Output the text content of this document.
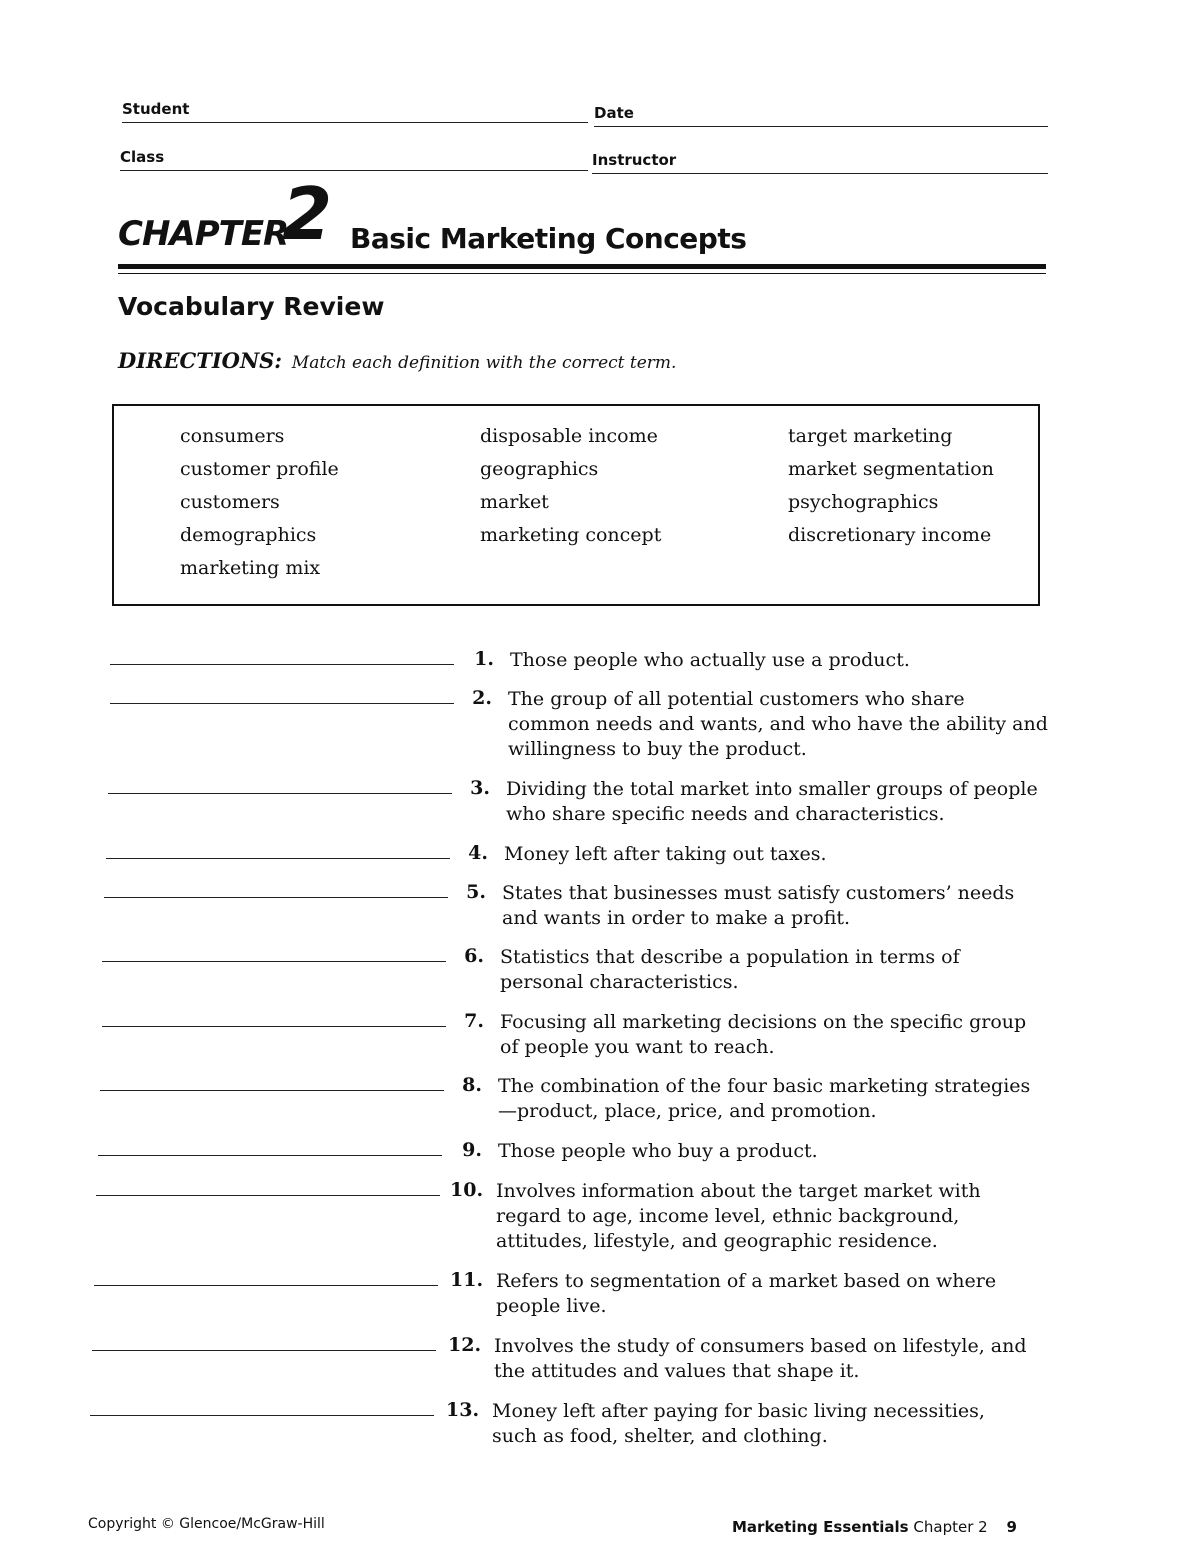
Student	Date
Class	Instructor
CHAPTER
2 Basic Marketing Concepts
Vocabulary Review
DIRECTIONS: Match each definition with the correct term.
consumers
customer profile
customers
demographics
marketing mix
disposable income
geographics
market
marketing concept
target marketing
market segmentation
psychographics
discretionary income
1. Those people who actually use a product.
2. The group of all potential customers who share common needs and wants, and who have the ability and willingness to buy the product.
3. Dividing the total market into smaller groups of people who share specific needs and characteristics.
4. Money left after taking out taxes.
5. States that businesses must satisfy customers’ needs and wants in order to make a profit.
6. Statistics that describe a population in terms of personal characteristics.
7. Focusing all marketing decisions on the specific group of people you want to reach.
8. The combination of the four basic marketing strategies—product, place, price, and promotion.
9. Those people who buy a product.
10. Involves information about the target market with regard to age, income level, ethnic background, attitudes, lifestyle, and geographic residence.
11. Refers to segmentation of a market based on where people live.
12. Involves the study of consumers based on lifestyle, and the attitudes and values that shape it.
13. Money left after paying for basic living necessities, such as food, shelter, and clothing.
Copyright © Glencoe/McGraw-Hill	Marketing Essentials Chapter 2 9
